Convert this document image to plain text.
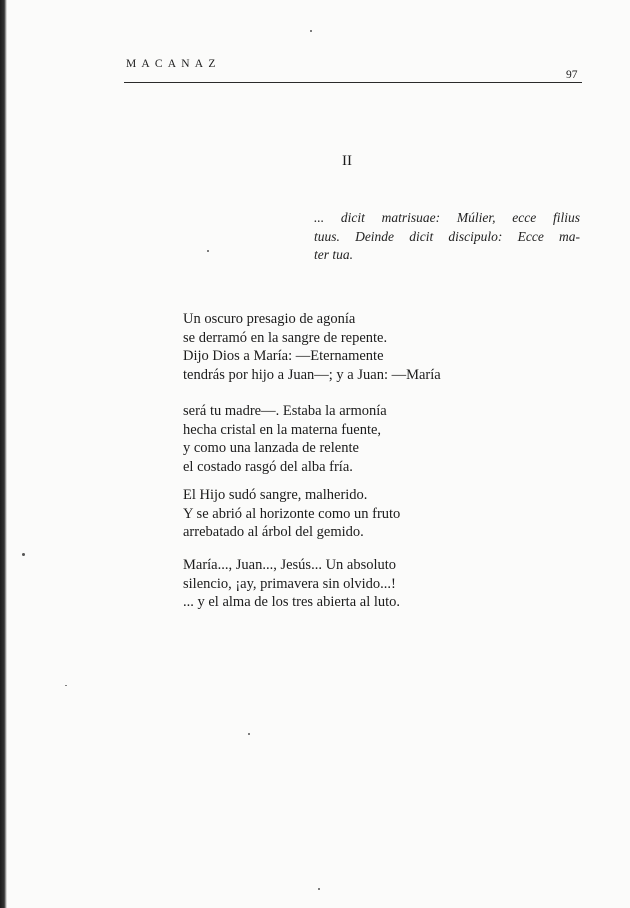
MACANAZ
97
II
... dicit matrisuae: Múlier, ecce filius
tuus. Deinde dicit discipulo: Ecce ma-
ter tua.
Un oscuro presagio de agonía
se derramó en la sangre de repente.
Dijo Dios a María: —Eternamente
tendrás por hijo a Juan—; y a Juan: —María
será tu madre—. Estaba la armonía
hecha cristal en la materna fuente,
y como una lanzada de relente
el costado rasgó del alba fría.
El Hijo sudó sangre, malherido.
Y se abrió al horizonte como un fruto
arrebatado al árbol del gemido.
María..., Juan..., Jesús... Un absoluto
silencio, ¡ay, primavera sin olvido...!
... y el alma de los tres abierta al luto.
